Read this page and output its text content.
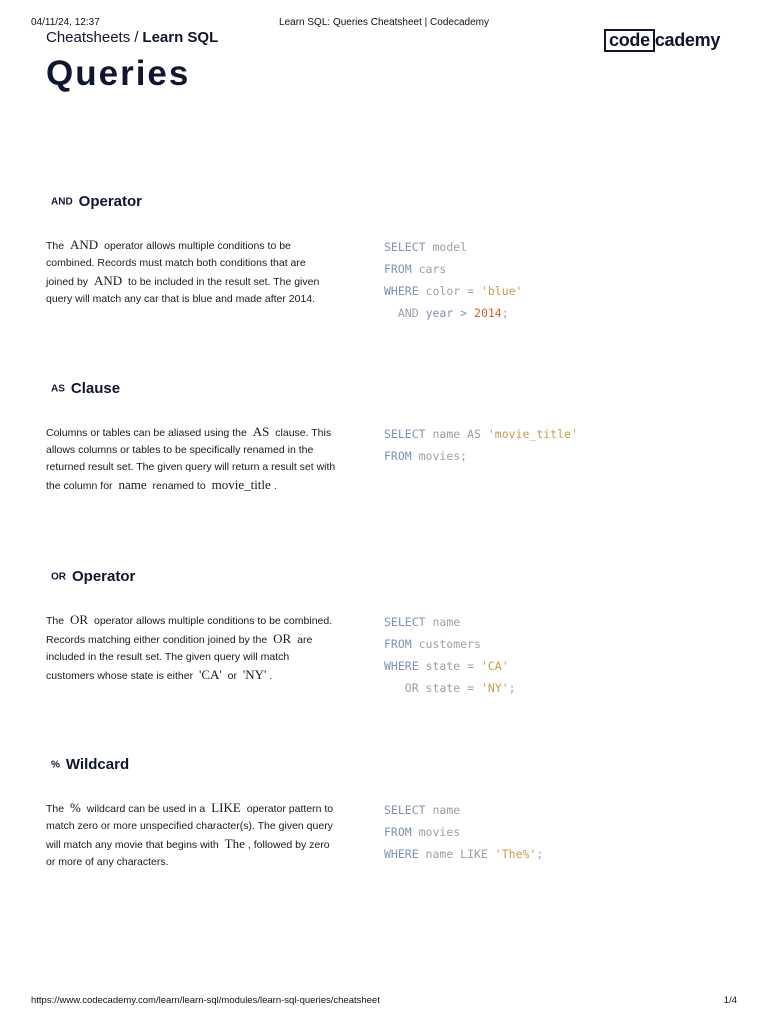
04/11/24, 12:37	Learn SQL: Queries Cheatsheet | Codecademy
Cheatsheets / Learn SQL	code cademy
Queries
AND Operator
The AND operator allows multiple conditions to be combined. Records must match both conditions that are joined by AND to be included in the result set. The given query will match any car that is blue and made after 2014.
SELECT model
FROM cars
WHERE color = 'blue'
AND year > 2014;
AS Clause
Columns or tables can be aliased using the AS clause. This allows columns or tables to be specifically renamed in the returned result set. The given query will return a result set with the column for name renamed to movie_title .
SELECT name AS 'movie_title'
FROM movies;
OR Operator
The OR operator allows multiple conditions to be combined. Records matching either condition joined by the OR are included in the result set. The given query will match customers whose state is either 'CA' or 'NY' .
SELECT name
FROM customers
WHERE state = 'CA'
OR state = 'NY';
% Wildcard
The % wildcard can be used in a LIKE operator pattern to match zero or more unspecified character(s). The given query will match any movie that begins with The , followed by zero or more of any characters.
SELECT name
FROM movies
WHERE name LIKE 'The%';
https://www.codecademy.com/learn/learn-sql/modules/learn-sql-queries/cheatsheet	1/4
